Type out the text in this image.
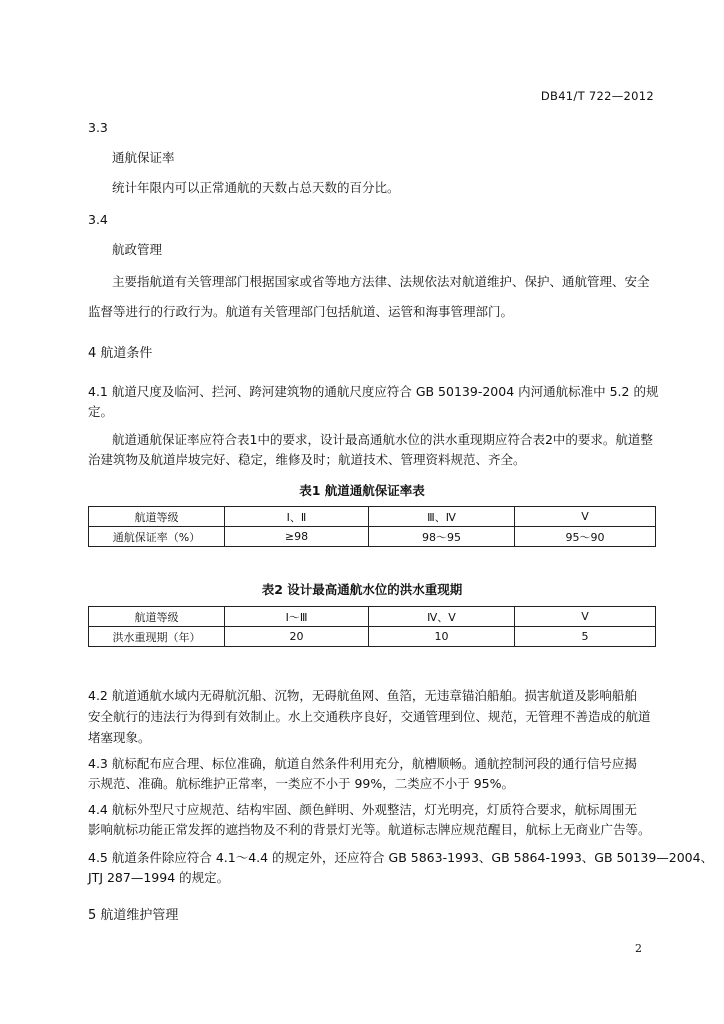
DB41/T 722—2012
3.3
通航保证率
统计年限内可以正常通航的天数占总天数的百分比。
3.4
航政管理
主要指航道有关管理部门根据国家或省等地方法律、法规依法对航道维护、保护、通航管理、安全
监督等进行的行政行为。航道有关管理部门包括航道、运管和海事管理部门。
4 航道条件
4.1 航道尺度及临河、拦河、跨河建筑物的通航尺度应符合 GB 50139-2004 内河通航标准中 5.2 的规
定。
航道通航保证率应符合表1中的要求，设计最高通航水位的洪水重现期应符合表2中的要求。航道整
治建筑物及航道岸坡完好、稳定，维修及时；航道技术、管理资料规范、齐全。
表1 航道通航保证率表
航道等级	Ⅰ、Ⅱ	Ⅲ、Ⅳ	Ⅴ
通航保证率（%）	≥98	98～95	95～90
表2 设计最高通航水位的洪水重现期
航道等级	Ⅰ～Ⅲ	Ⅳ、Ⅴ	Ⅴ
洪水重现期（年）	20	10	5
4.2 航道通航水域内无碍航沉船、沉物，无碍航鱼网、鱼箔，无违章锚泊船舶。损害航道及影响船舶
安全航行的违法行为得到有效制止。水上交通秩序良好，交通管理到位、规范，无管理不善造成的航道
堵塞现象。
4.3 航标配布应合理、标位准确，航道自然条件利用充分，航槽顺畅。通航控制河段的通行信号应揭
示规范、准确。航标维护正常率，一类应不小于 99%，二类应不小于 95%。
4.4 航标外型尺寸应规范、结构牢固、颜色鲜明、外观整洁，灯光明亮，灯质符合要求，航标周围无
影响航标功能正常发挥的遮挡物及不利的背景灯光等。航道标志牌应规范醒目，航标上无商业广告等。
4.5 航道条件除应符合 4.1～4.4 的规定外，还应符合 GB 5863-1993、GB 5864-1993、GB 50139—2004、
JTJ 287—1994 的规定。
5 航道维护管理
2
